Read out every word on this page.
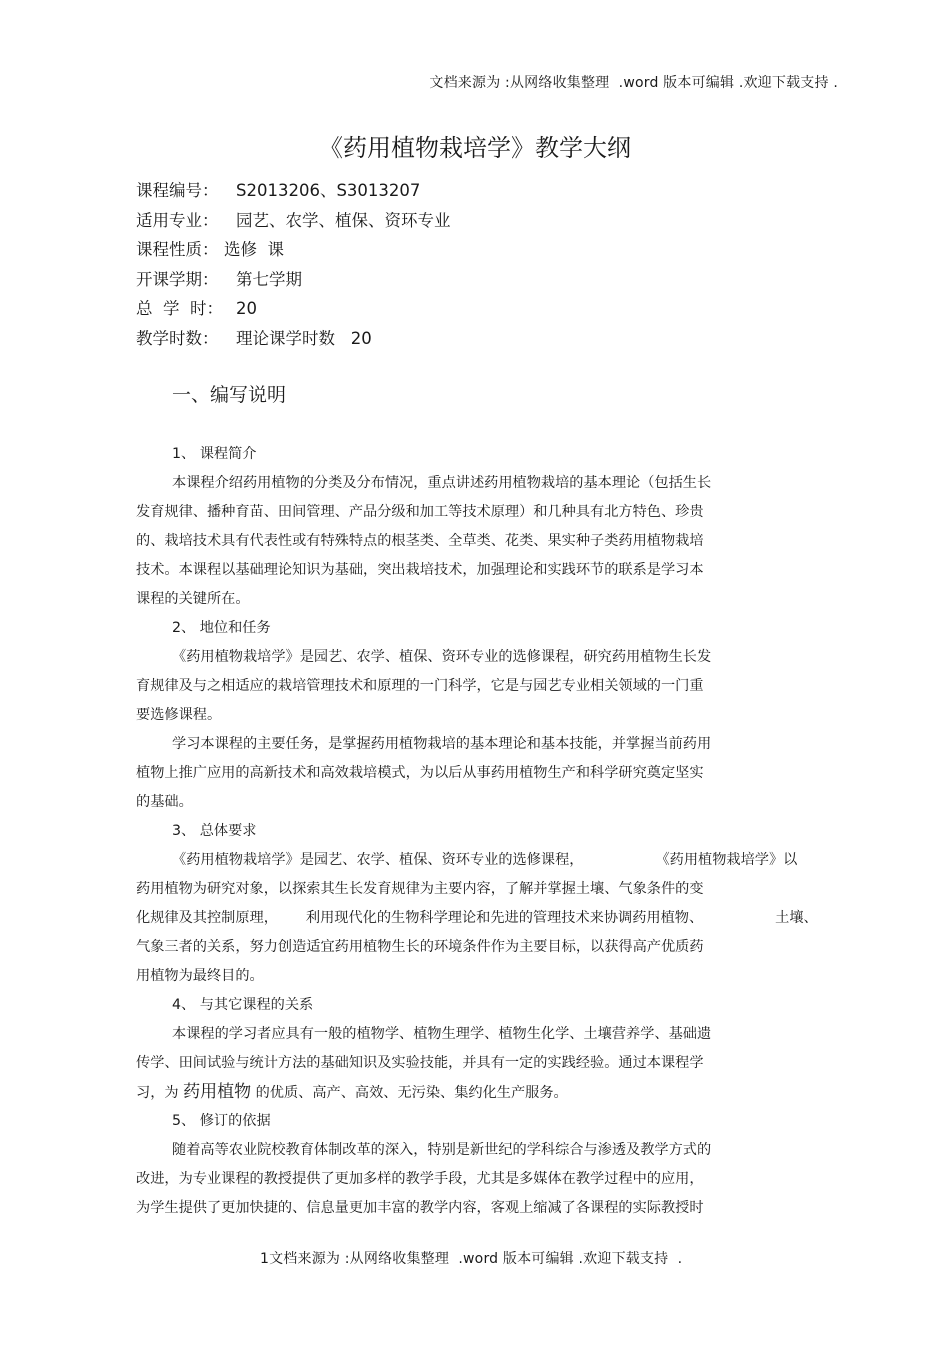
文档来源为 :从网络收集整理  .word 版本可编辑 .欢迎下载支持 .
《药用植物栽培学》教学大纲
课程编号： S2013206、S3013207
适用专业： 园艺、农学、植保、资环专业
课程性质： 选修  课
开课学期： 第七学期
总  学  时： 20
教学时数： 理论课学时数   20
一、编写说明
1、 课程简介
本课程介绍药用植物的分类及分布情况，重点讲述药用植物栽培的基本理论（包括生长
发育规律、播种育苗、田间管理、产品分级和加工等技术原理）和几种具有北方特色、珍贵
的、栽培技术具有代表性或有特殊特点的根茎类、全草类、花类、果实种子类药用植物栽培
技术。本课程以基础理论知识为基础，突出栽培技术，加强理论和实践环节的联系是学习本
课程的关键所在。
2、 地位和任务
《药用植物栽培学》是园艺、农学、植保、资环专业的选修课程，研究药用植物生长发
育规律及与之相适应的栽培管理技术和原理的一门科学，它是与园艺专业相关领域的一门重
要选修课程。
学习本课程的主要任务，是掌握药用植物栽培的基本理论和基本技能，并掌握当前药用
植物上推广应用的高新技术和高效栽培模式，为以后从事药用植物生产和科学研究奠定坚实
的基础。
3、 总体要求
《药用植物栽培学》是园艺、农学、植保、资环专业的选修课程，	《药用植物栽培学》以
药用植物为研究对象，以探索其生长发育规律为主要内容，了解并掌握土壤、气象条件的变
化规律及其控制原理， 利用现代化的生物科学理论和先进的管理技术来协调药用植物、	土壤、
气象三者的关系，努力创造适宜药用植物生长的环境条件作为主要目标，以获得高产优质药
用植物为最终目的。
4、 与其它课程的关系
本课程的学习者应具有一般的植物学、植物生理学、植物生化学、土壤营养学、基础遗
传学、田间试验与统计方法的基础知识及实验技能，并具有一定的实践经验。通过本课程学
习，为 药用植物 的优质、高产、高效、无污染、集约化生产服务。
5、 修订的依据
随着高等农业院校教育体制改革的深入，特别是新世纪的学科综合与渗透及教学方式的
改进，为专业课程的教授提供了更加多样的教学手段，尤其是多媒体在教学过程中的应用，
为学生提供了更加快捷的、信息量更加丰富的教学内容，客观上缩减了各课程的实际教授时
1文档来源为 :从网络收集整理  .word 版本可编辑 .欢迎下载支持  .
